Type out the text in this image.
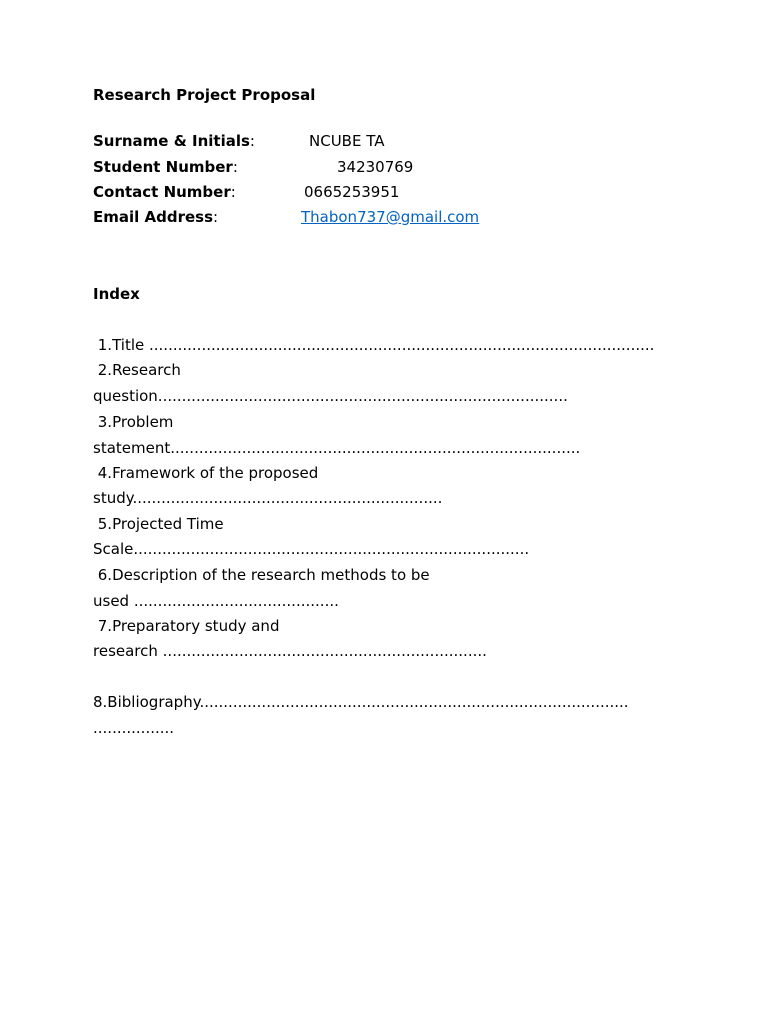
Research Project Proposal
Surname & Initials:	NCUBE TA
Student Number:	34230769
Contact Number:	0665253951
Email Address:	Thabon737@gmail.com
Index
1.Title ..........................................................................................................
2.Research
question......................................................................................
3.Problem
statement......................................................................................
4.Framework of the proposed
study.................................................................
5.Projected Time
Scale...................................................................................
6.Description of the research methods to be
used ...........................................
7.Preparatory study and
research ....................................................................
8.Bibliography..........................................................................................
.................
